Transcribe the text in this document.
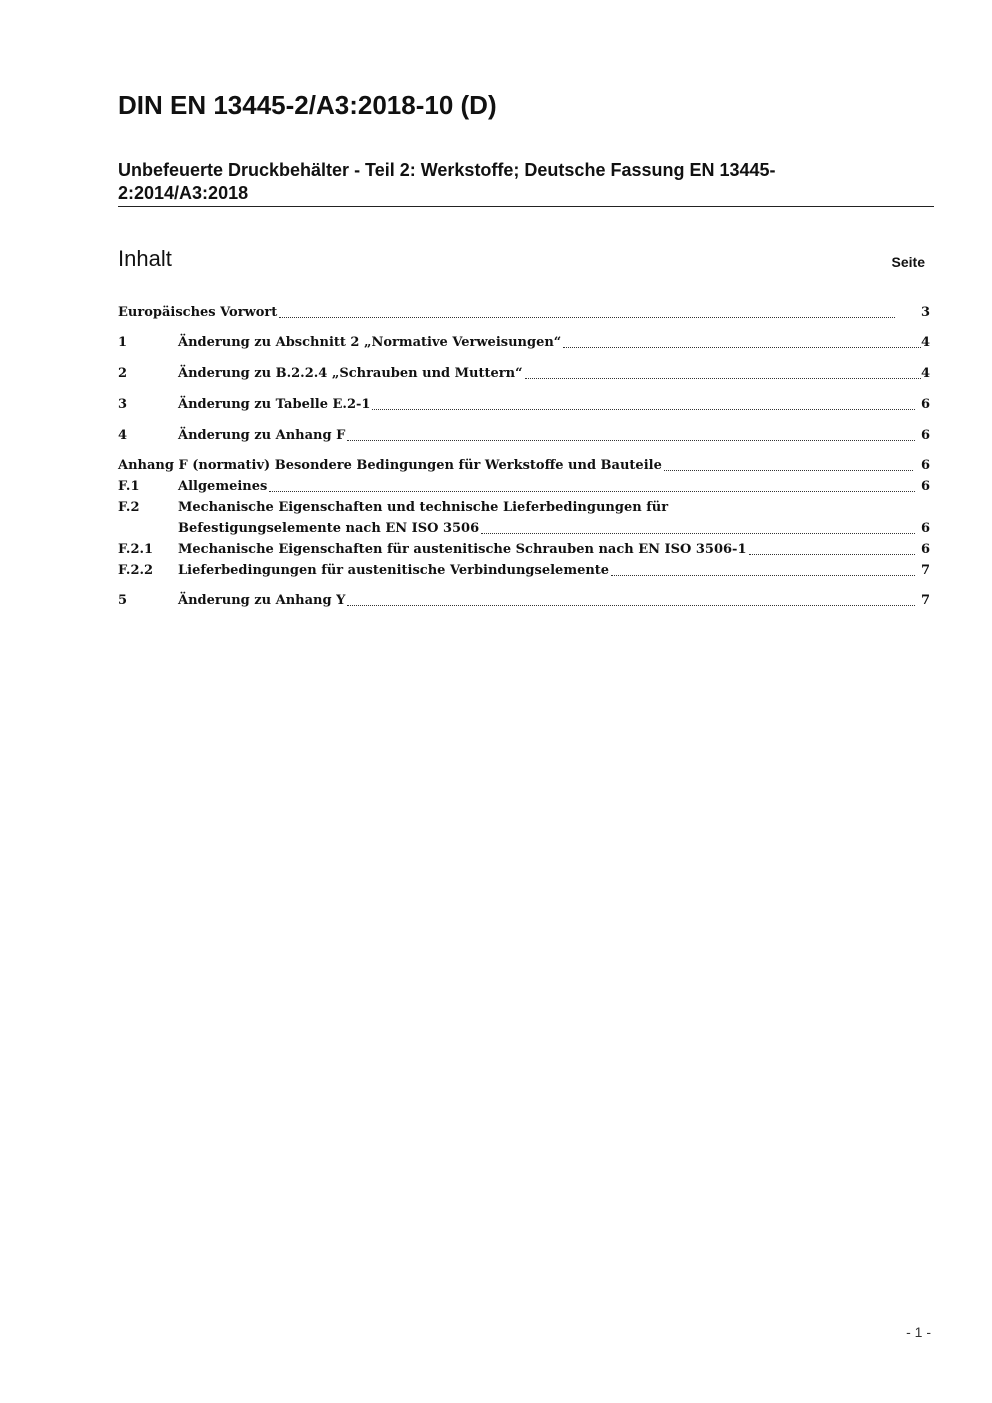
DIN EN 13445-2/A3:2018-10 (D)
Unbefeuerte Druckbehälter - Teil 2: Werkstoffe; Deutsche Fassung EN 13445-2:2014/A3:2018
Inhalt	Seite
Europäisches Vorwort	3
1	Änderung zu Abschnitt 2 „Normative Verweisungen“	4
2	Änderung zu B.2.2.4 „Schrauben und Muttern“	4
3	Änderung zu Tabelle E.2-1	6
4	Änderung zu Anhang F	6
Anhang F (normativ) Besondere Bedingungen für Werkstoffe und Bauteile	6
F.1	Allgemeines	6
F.2	Mechanische Eigenschaften und technische Lieferbedingungen für
Befestigungselemente nach EN ISO 3506	6
F.2.1 Mechanische Eigenschaften für austenitische Schrauben nach EN ISO 3506-1	6
F.2.2 Lieferbedingungen für austenitische Verbindungselemente	7
5	Änderung zu Anhang Y	7
- 1 -
